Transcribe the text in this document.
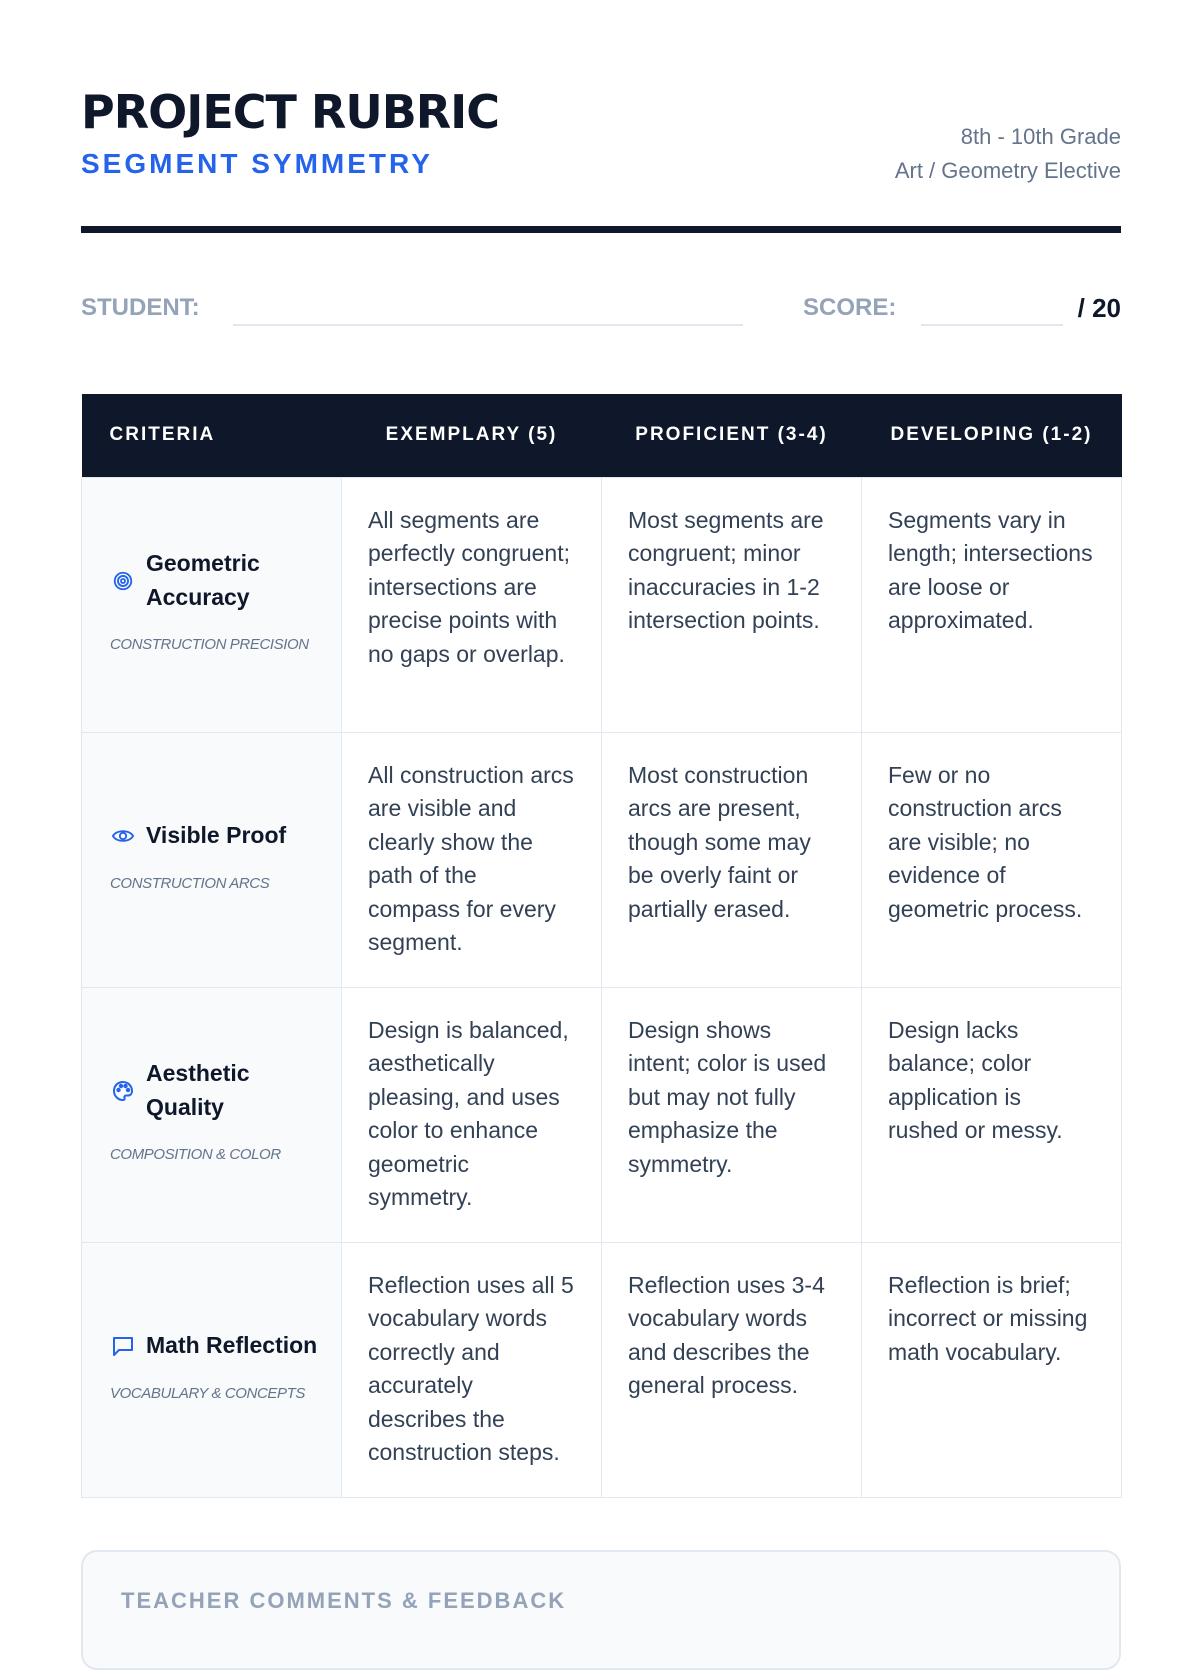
PROJECT RUBRIC
SEGMENT SYMMETRY
8th - 10th Grade
Art / Geometry Elective
STUDENT:	SCORE:	/ 20
CRITERIA	EXEMPLARY (5)	PROFICIENT (3-4)	DEVELOPING (1-2)

Geometric Accuracy
CONSTRUCTION PRECISION	All segments are perfectly congruent; intersections are precise points with no gaps or overlap.	Most segments are congruent; minor inaccuracies in 1-2 intersection points.	Segments vary in length; intersections are loose or approximated.

Visible Proof
CONSTRUCTION ARCS	All construction arcs are visible and clearly show the path of the compass for every segment.	Most construction arcs are present, though some may be overly faint or partially erased.	Few or no construction arcs are visible; no evidence of geometric process.

Aesthetic Quality
COMPOSITION & COLOR	Design is balanced, aesthetically pleasing, and uses color to enhance geometric symmetry.	Design shows intent; color is used but may not fully emphasize the symmetry.	Design lacks balance; color application is rushed or messy.

Math Reflection
VOCABULARY & CONCEPTS	Reflection uses all 5 vocabulary words correctly and accurately describes the construction steps.	Reflection uses 3-4 vocabulary words and describes the general process.	Reflection is brief; incorrect or missing math vocabulary.
TEACHER COMMENTS & FEEDBACK
